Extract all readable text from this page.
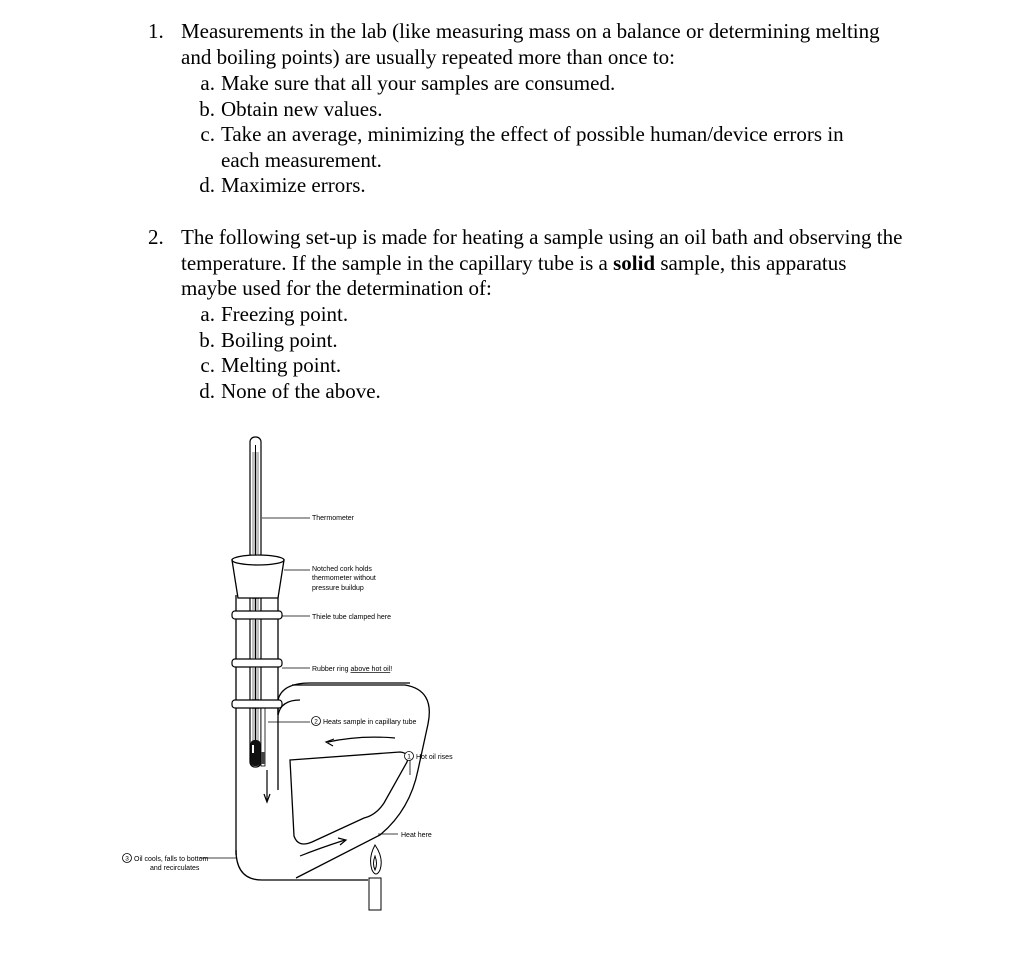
1. Measurements in the lab (like measuring mass on a balance or determining melting
and boiling points) are usually repeated more than once to:
a. Make sure that all your samples are consumed.
b. Obtain new values.
c. Take an average, minimizing the effect of possible human/device errors in
each measurement.
d. Maximize errors.
2. The following set-up is made for heating a sample using an oil bath and observing the
temperature. If the sample in the capillary tube is a solid sample, this apparatus
maybe used for the determination of:
a. Freezing point.
b. Boiling point.
c. Melting point.
d. None of the above.
Thermometer
Notched cork holds
thermometer without
pressure buildup
Thiele tube clamped here
Rubber ring above hot oil!
2 Heats sample in capillary tube
1 Hot oil rises
Heat here
3 Oil cools, falls to bottom
and recirculates
